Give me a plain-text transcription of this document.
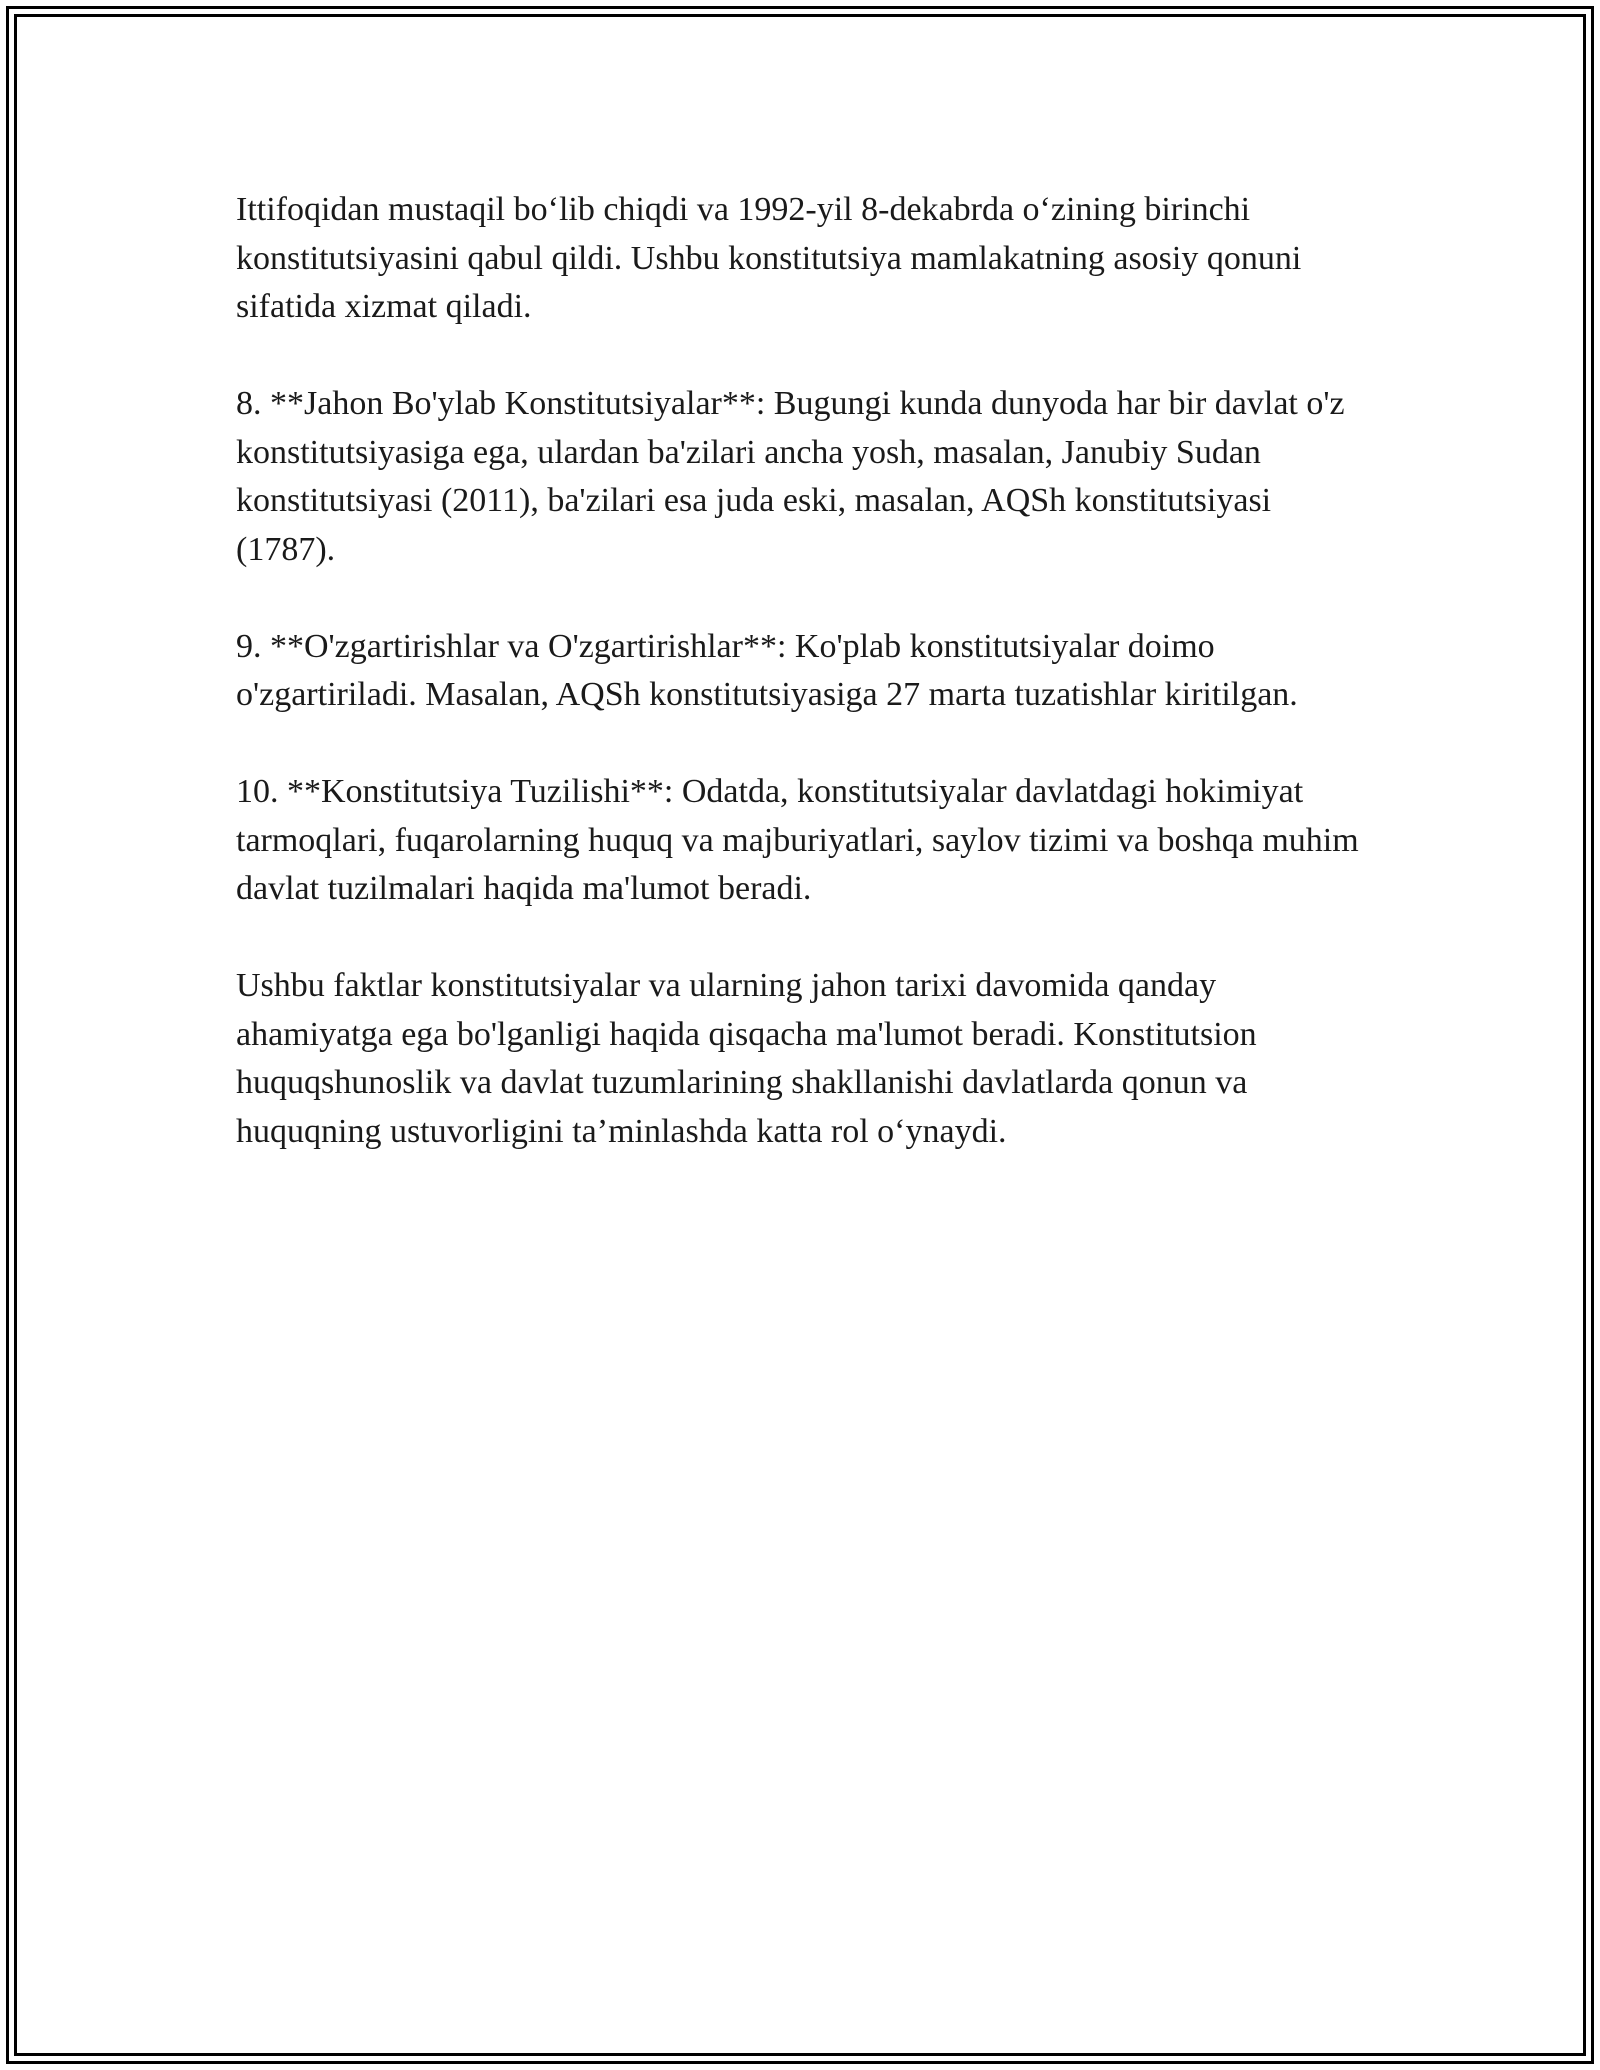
Ittifoqidan mustaqil bo‘lib chiqdi va 1992-yil 8-dekabrda o‘zining birinchi konstitutsiyasini qabul qildi. Ushbu konstitutsiya mamlakatning asosiy qonuni sifatida xizmat qiladi.

8. **Jahon Bo'ylab Konstitutsiyalar**: Bugungi kunda dunyoda har bir davlat o'z konstitutsiyasiga ega, ulardan ba'zilari ancha yosh, masalan, Janubiy Sudan konstitutsiyasi (2011), ba'zilari esa juda eski, masalan, AQSh konstitutsiyasi (1787).

9. **O'zgartirishlar va O'zgartirishlar**: Ko'plab konstitutsiyalar doimo o'zgartiriladi. Masalan, AQSh konstitutsiyasiga 27 marta tuzatishlar kiritilgan.

10. **Konstitutsiya Tuzilishi**: Odatda, konstitutsiyalar davlatdagi hokimiyat tarmoqlari, fuqarolarning huquq va majburiyatlari, saylov tizimi va boshqa muhim davlat tuzilmalari haqida ma'lumot beradi.

Ushbu faktlar konstitutsiyalar va ularning jahon tarixi davomida qanday ahamiyatga ega bo'lganligi haqida qisqacha ma'lumot beradi. Konstitutsion huquqshunoslik va davlat tuzumlarining shakllanishi davlatlarda qonun va huquqning ustuvorligini ta’minlashda katta rol o‘ynaydi.
